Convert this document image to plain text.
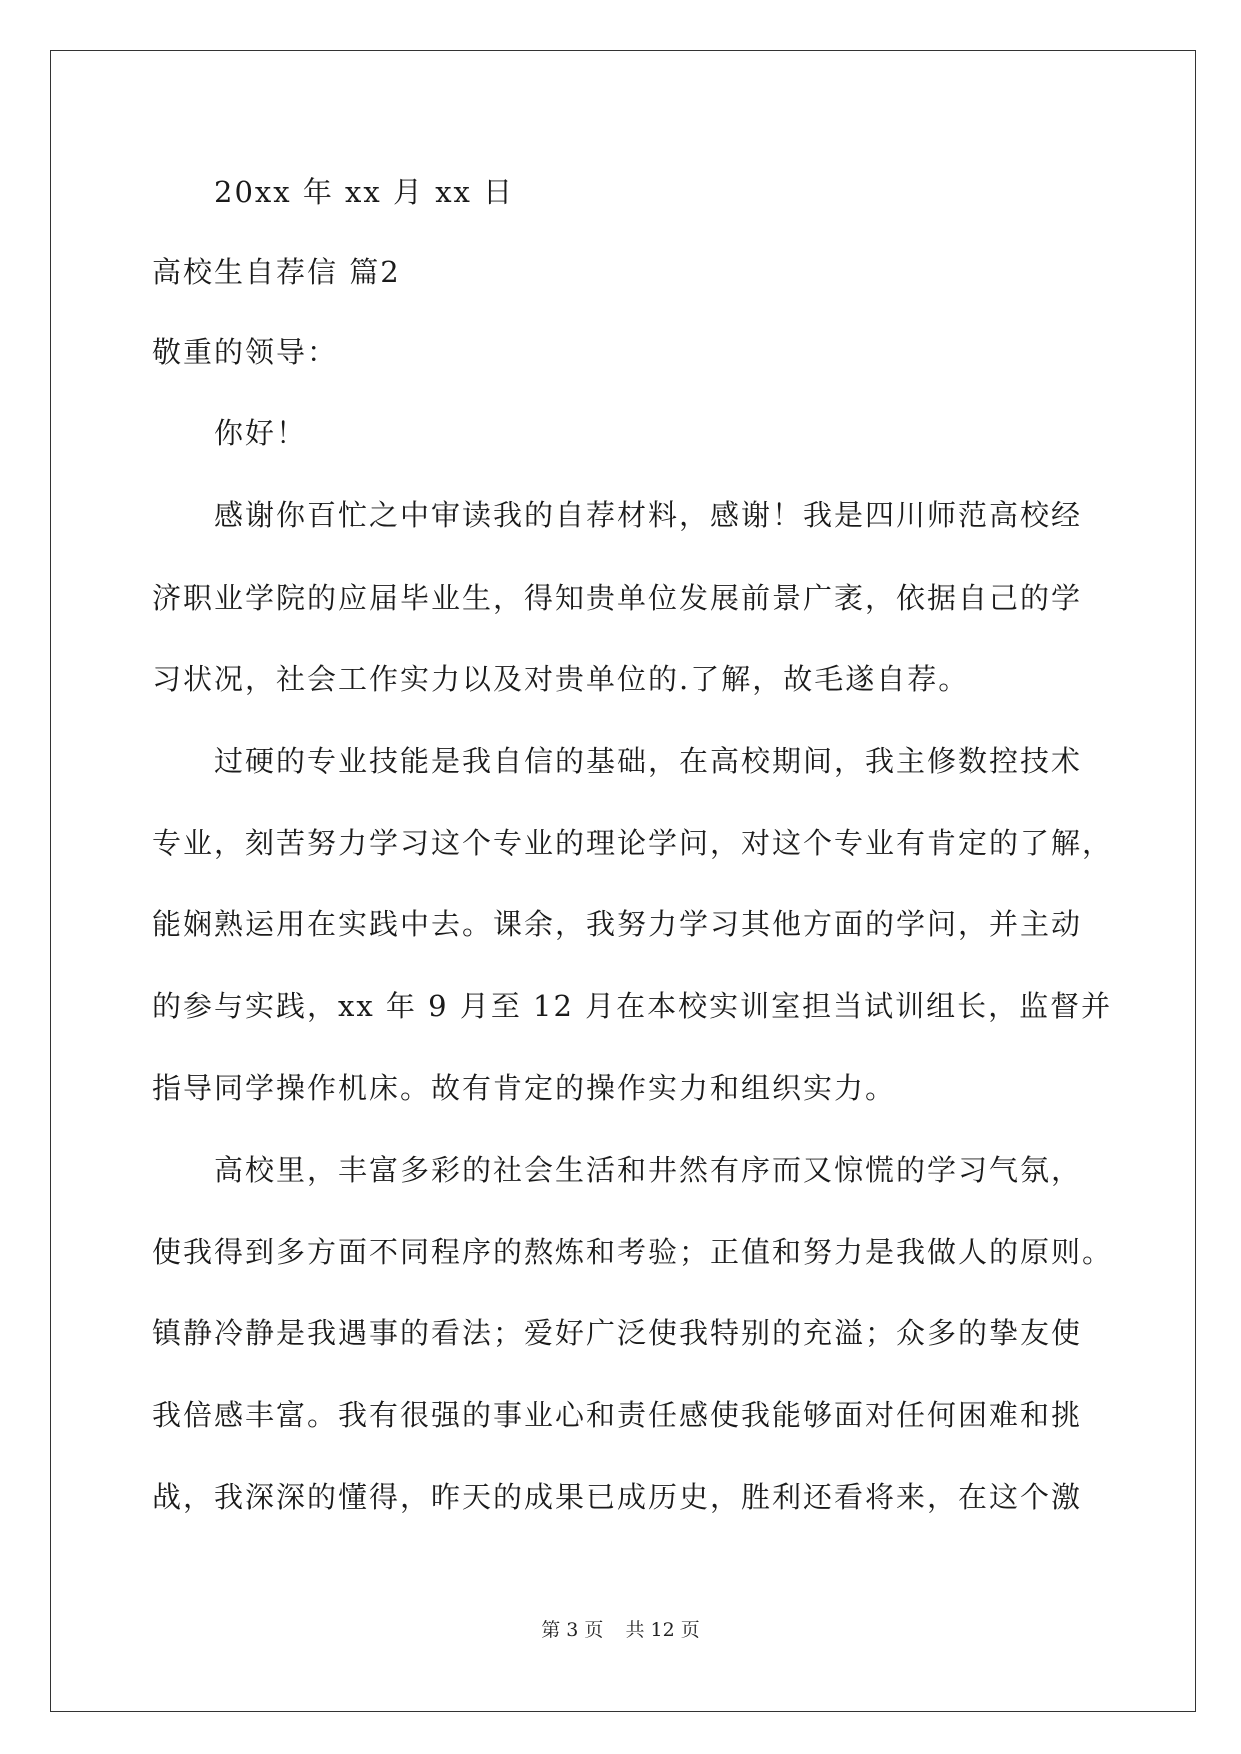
20xx 年 xx 月 xx 日
高校生自荐信 篇2
敬重的领导：
你好！
感谢你百忙之中审读我的自荐材料，感谢！我是四川师范高校经
济职业学院的应届毕业生，得知贵单位发展前景广袤，依据自己的学
习状况，社会工作实力以及对贵单位的.了解，故毛遂自荐。
过硬的专业技能是我自信的基础，在高校期间，我主修数控技术
专业，刻苦努力学习这个专业的理论学问，对这个专业有肯定的了解，
能娴熟运用在实践中去。课余，我努力学习其他方面的学问，并主动
的参与实践，xx 年 9 月至 12 月在本校实训室担当试训组长，监督并
指导同学操作机床。故有肯定的操作实力和组织实力。
高校里，丰富多彩的社会生活和井然有序而又惊慌的学习气氛，
使我得到多方面不同程序的熬炼和考验；正值和努力是我做人的原则。
镇静冷静是我遇事的看法；爱好广泛使我特别的充溢；众多的挚友使
我倍感丰富。我有很强的事业心和责任感使我能够面对任何困难和挑
战，我深深的懂得，昨天的成果已成历史，胜利还看将来，在这个激
第 3 页 共 12 页
